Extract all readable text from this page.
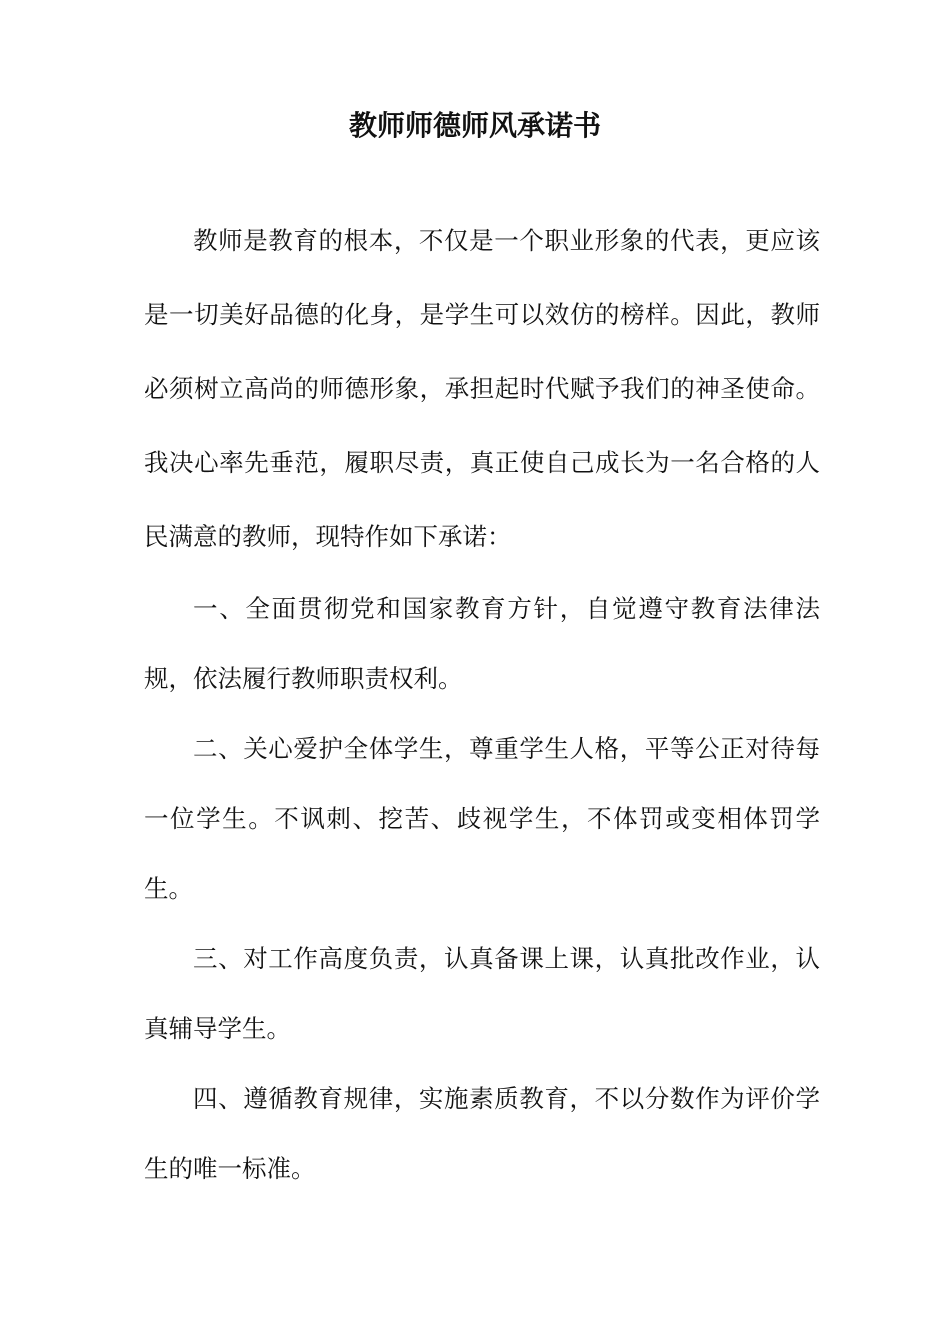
教师师德师风承诺书

教师是教育的根本，不仅是一个职业形象的代表，更应该是一切美好品德的化身，是学生可以效仿的榜样。因此，教师必须树立高尚的师德形象，承担起时代赋予我们的神圣使命。我决心率先垂范，履职尽责，真正使自己成长为一名合格的人民满意的教师，现特作如下承诺：

一、全面贯彻党和国家教育方针，自觉遵守教育法律法规，依法履行教师职责权利。

二、关心爱护全体学生，尊重学生人格，平等公正对待每一位学生。不讽刺、挖苦、歧视学生，不体罚或变相体罚学生。

三、对工作高度负责，认真备课上课，认真批改作业，认真辅导学生。

四、遵循教育规律，实施素质教育，不以分数作为评价学生的唯一标准。
